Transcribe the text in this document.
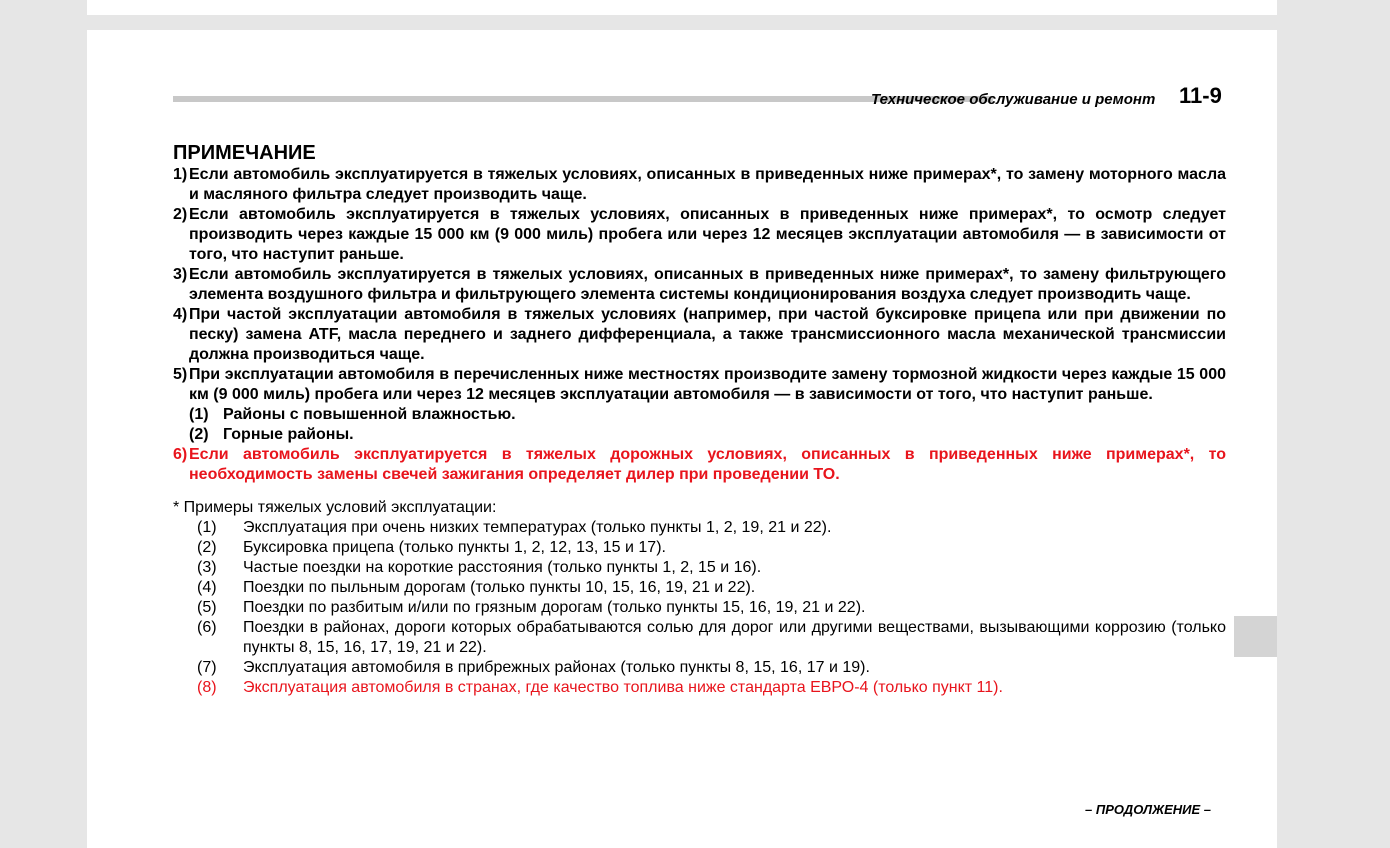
Техническое обслуживание и ремонт 11-9
ПРИМЕЧАНИЕ
1) Если автомобиль эксплуатируется в тяжелых условиях, описанных в приведенных ниже примерах*, то замену моторного масла и масляного фильтра следует производить чаще.
2) Если автомобиль эксплуатируется в тяжелых условиях, описанных в приведенных ниже примерах*, то осмотр следует производить через каждые 15 000 км (9 000 миль) пробега или через 12 месяцев эксплуатации автомобиля — в зависимости от того, что наступит раньше.
3) Если автомобиль эксплуатируется в тяжелых условиях, описанных в приведенных ниже примерах*, то замену фильтрующего элемента воздушного фильтра и фильтрующего элемента системы кондиционирования воздуха следует производить чаще.
4) При частой эксплуатации автомобиля в тяжелых условиях (например, при частой буксировке прицепа или при движении по песку) замена ATF, масла переднего и заднего дифференциала, а также трансмиссионного масла механической трансмиссии должна производиться чаще.
5) При эксплуатации автомобиля в перечисленных ниже местностях производите замену тормозной жидкости через каждые 15 000 км (9 000 миль) пробега или через 12 месяцев эксплуатации автомобиля — в зависимости от того, что наступит раньше.
(1) Районы с повышенной влажностью.
(2) Горные районы.
6) Если автомобиль эксплуатируется в тяжелых дорожных условиях, описанных в приведенных ниже примерах*, то необходимость замены свечей зажигания определяет дилер при проведении ТО.
* Примеры тяжелых условий эксплуатации:
(1)	Эксплуатация при очень низких температурах (только пункты 1, 2, 19, 21 и 22).
(2)	Буксировка прицепа (только пункты 1, 2, 12, 13, 15 и 17).
(3)	Частые поездки на короткие расстояния (только пункты 1, 2, 15 и 16).
(4)	Поездки по пыльным дорогам (только пункты 10, 15, 16, 19, 21 и 22).
(5)	Поездки по разбитым и/или по грязным дорогам (только пункты 15, 16, 19, 21 и 22).
(6)	Поездки в районах, дороги которых обрабатываются солью для дорог или другими веществами, вызывающими коррозию (только пункты 8, 15, 16, 17, 19, 21 и 22).
(7)	Эксплуатация автомобиля в прибрежных районах (только пункты 8, 15, 16, 17 и 19).
(8)	Эксплуатация автомобиля в странах, где качество топлива ниже стандарта ЕВРО-4 (только пункт 11).
– ПРОДОЛЖЕНИЕ –
